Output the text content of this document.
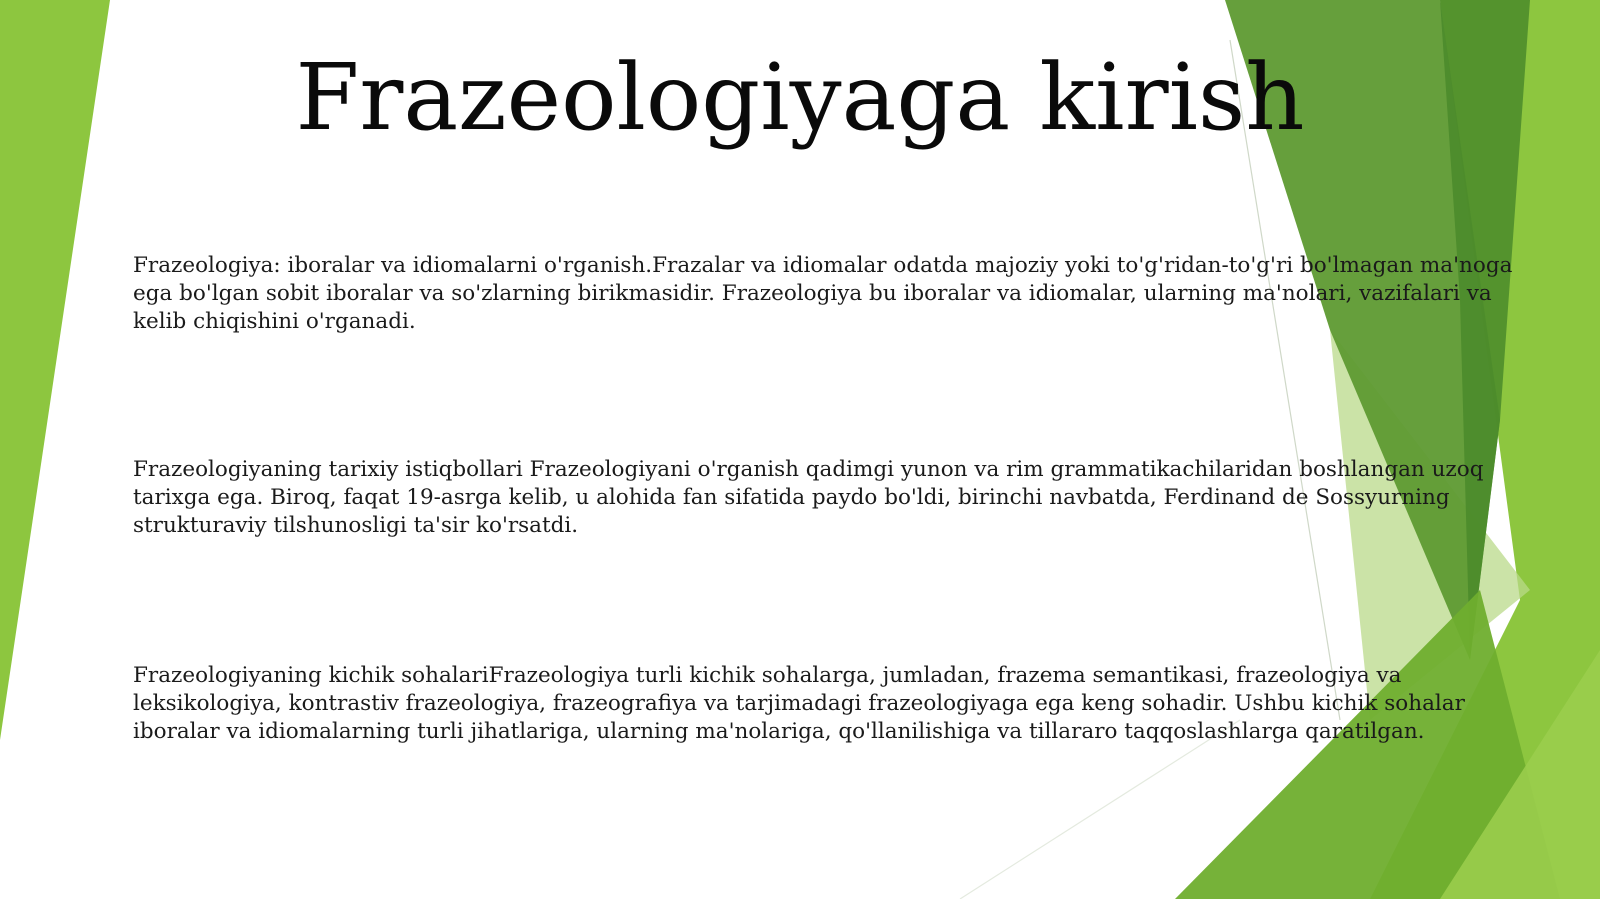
Frazeologiyaga kirish

Frazeologiya: iboralar va idiomalarni o'rganish.Frazalar va idiomalar odatda majoziy yoki to'g'ridan-to'g'ri bo'lmagan ma'noga ega bo'lgan sobit iboralar va so'zlarning birikmasidir. Frazeologiya bu iboralar va idiomalar, ularning ma'nolari, vazifalari va kelib chiqishini o'rganadi.

Frazeologiyaning tarixiy istiqbollari Frazeologiyani o'rganish qadimgi yunon va rim grammatikachilaridan boshlangan uzoq tarixga ega. Biroq, faqat 19-asrga kelib, u alohida fan sifatida paydo bo'ldi, birinchi navbatda, Ferdinand de Sossyurning strukturaviy tilshunosligi ta'sir ko'rsatdi.

Frazeologiyaning kichik sohalariFrazeologiya turli kichik sohalarga, jumladan, frazema semantikasi, frazeologiya va leksikologiya, kontrastiv frazeologiya, frazeografiya va tarjimadagi frazeologiyaga ega keng sohadir. Ushbu kichik sohalar iboralar va idiomalarning turli jihatlariga, ularning ma'nolariga, qo'llanilishiga va tillararo taqqoslashlarga qaratilgan.
